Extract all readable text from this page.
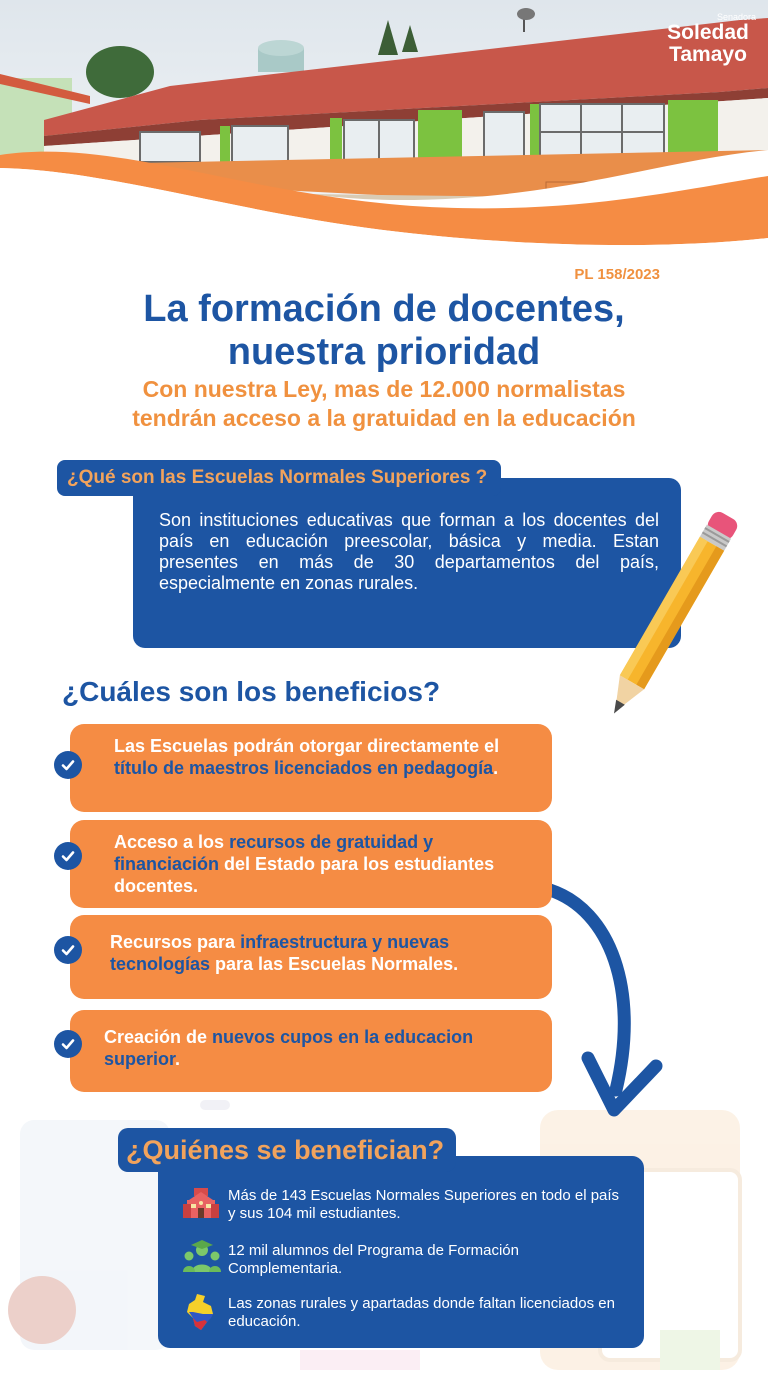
Senadora
Soledad
Tamayo
PL 158/2023
La formación de docentes,
nuestra prioridad
Con nuestra Ley, mas de 12.000 normalistas
tendrán acceso a la gratuidad en la educación
¿Qué son las Escuelas Normales Superiores ?

Son instituciones educativas que forman a los docentes del país en educación preescolar, básica y media. Estan presentes en más de 30 departamentos del país, especialmente en zonas rurales.

¿Cuáles son los beneficios?
Las Escuelas podrán otorgar directamente el título de maestros licenciados en pedagogía.
Acceso a los recursos de gratuidad y financiación del Estado para los estudiantes docentes.
Recursos para infraestructura y nuevas tecnologías para las Escuelas Normales.
Creación de nuevos cupos en la educacion superior.
¿Quiénes se benefician?
Más de 143 Escuelas Normales Superiores en todo el país y sus 104 mil estudiantes.
12 mil alumnos del Programa de Formación Complementaria.
Las zonas rurales y apartadas donde faltan licenciados en educación.
